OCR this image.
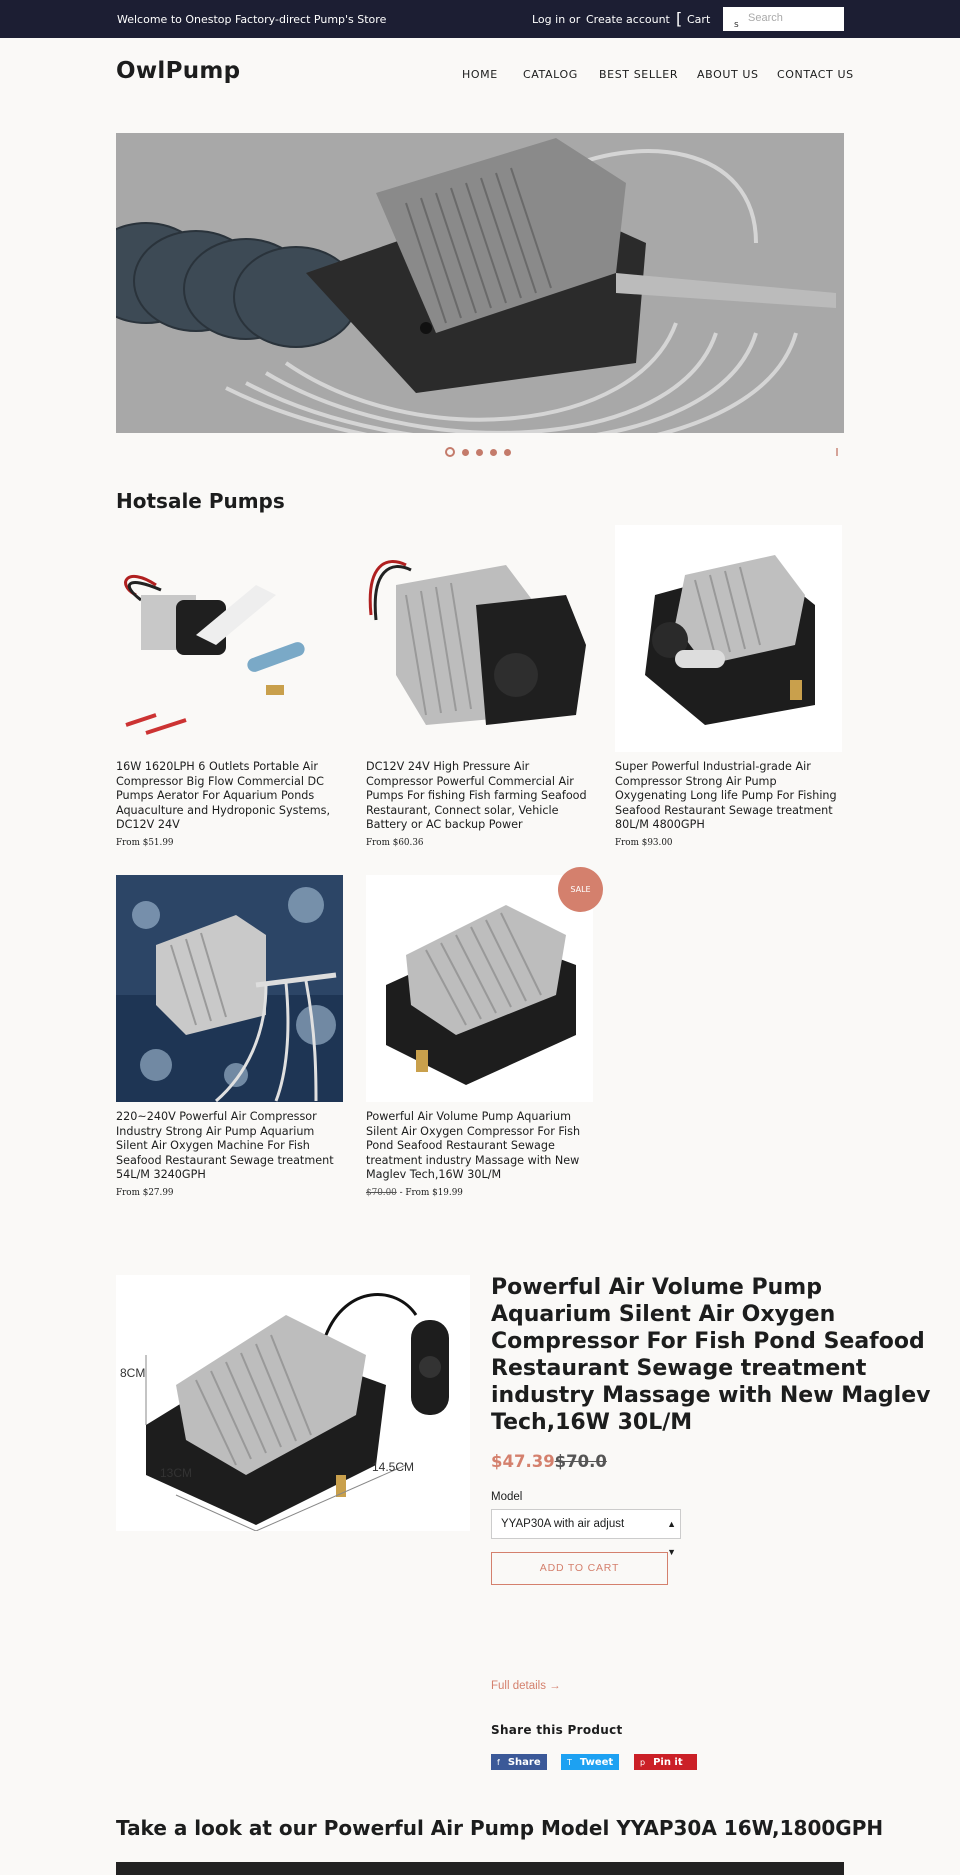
Welcome to Onestop Factory-direct Pump's Store	Log in or Create account [ Cart	s
Search
OwlPump	HOME CATALOG BEST SELLER ABOUT US CONTACT US
‖
Hotsale Pumps
16W 1620LPH 6 Outlets Portable Air Compressor Big Flow Commercial DC Pumps Aerator For Aquarium Ponds Aquaculture and Hydroponic Systems, DC12V 24V
From $51.99
DC12V 24V High Pressure Air Compressor Powerful Commercial Air Pumps For fishing Fish farming Seafood Restaurant, Connect solar, Vehicle Battery or AC backup Power
From $60.36
Super Powerful Industrial-grade Air Compressor Strong Air Pump Oxygenating Long life Pump For Fishing Seafood Restaurant Sewage treatment 80L/M 4800GPH
From $93.00
220~240V Powerful Air Compressor Industry Strong Air Pump Aquarium Silent Air Oxygen Machine For Fish Seafood Restaurant Sewage treatment 54L/M 3240GPH
From $27.99
SALE
Powerful Air Volume Pump Aquarium Silent Air Oxygen Compressor For Fish Pond Seafood Restaurant Sewage treatment industry Massage with New Maglev Tech,16W 30L/M
$70.00 - From $19.99
8CM
13CM	14.5CM
Powerful Air Volume Pump Aquarium Silent Air Oxygen Compressor For Fish Pond Seafood Restaurant Sewage treatment industry Massage with New Maglev Tech,16W 30L/M
$47.39$70.0
Model
YYAP30A with air adjust	▲
▼
ADD TO CART
Full details →
Share this Product
f Share	T Tweet	p Pin it
Take a look at our Powerful Air Pump Model YYAP30A 16W,1800GPH
